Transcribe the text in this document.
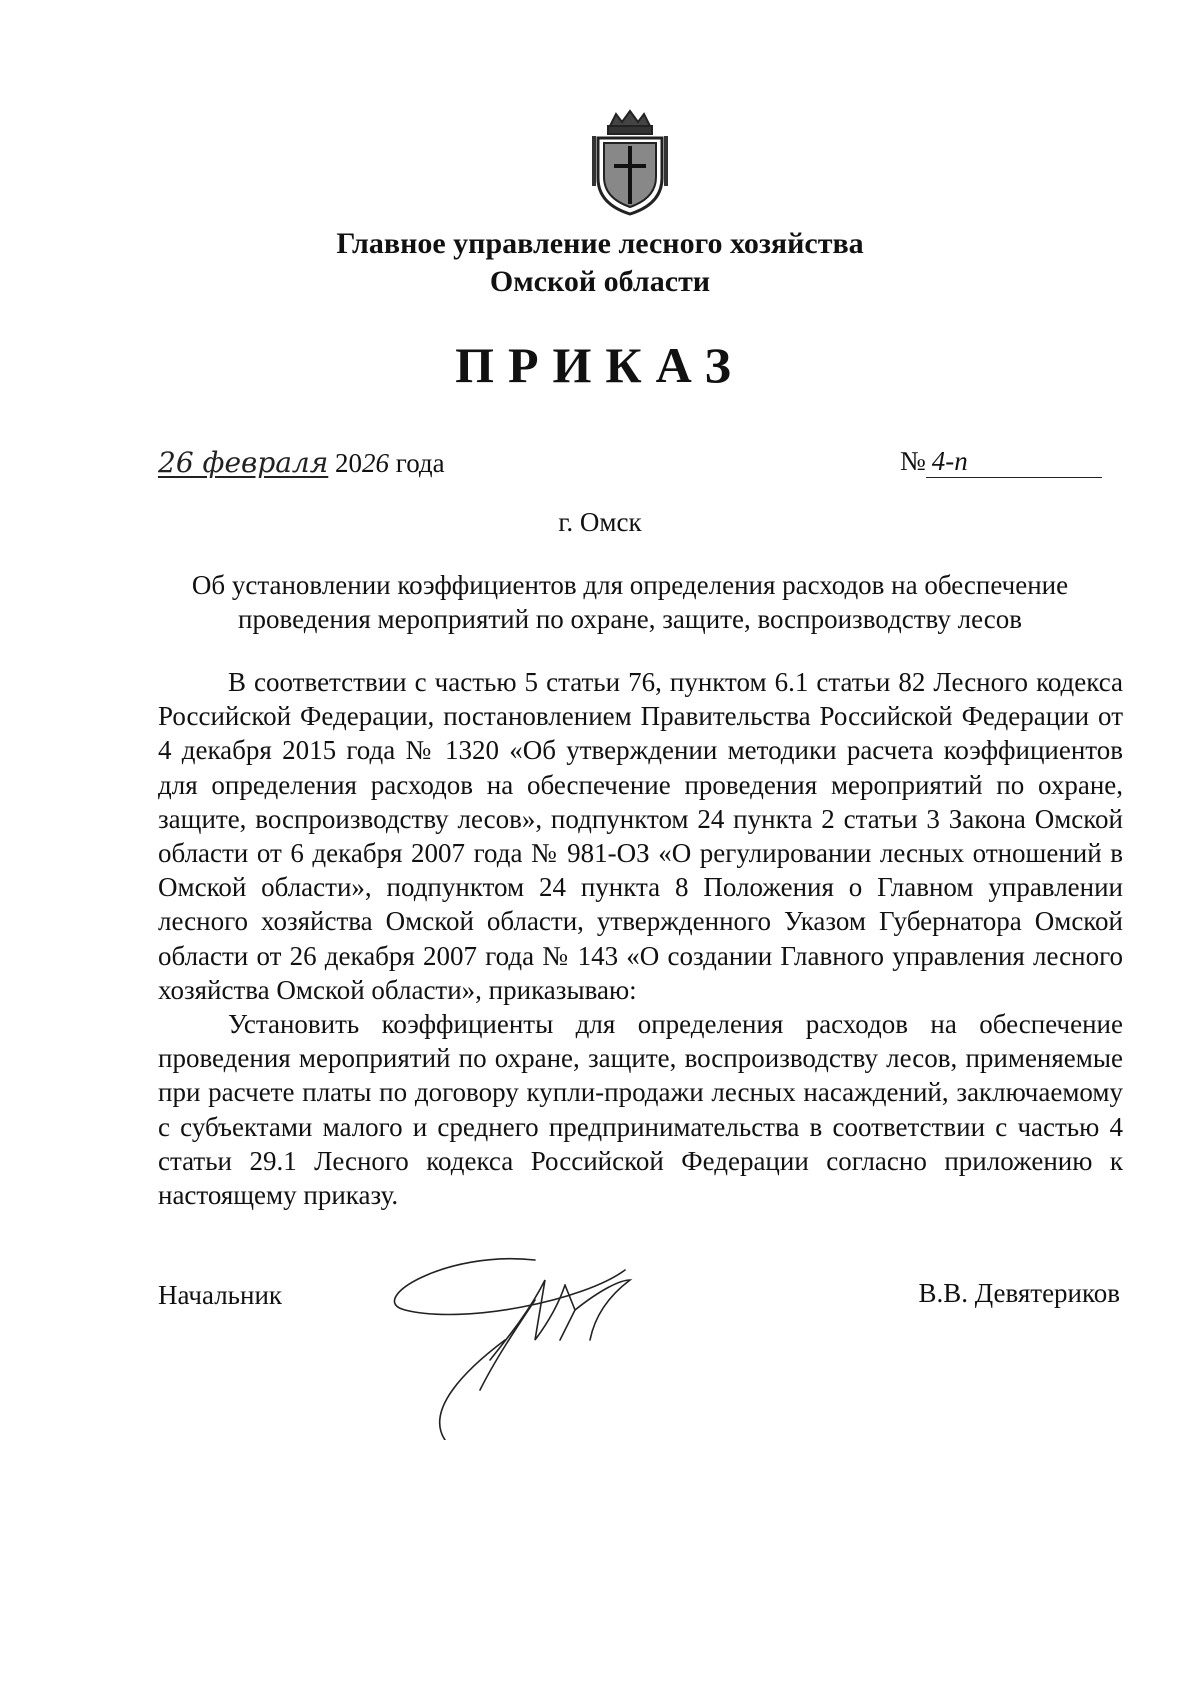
Главное управление лесного хозяйства
Омской области
ПРИКАЗ
26 февраля 2026 года	№ 4-п
г. Омск
Об установлении коэффициентов для определения расходов на обеспечение
проведения мероприятий по охране, защите, воспроизводству лесов

В соответствии с частью 5 статьи 76, пунктом 6.1 статьи 82 Лесного кодекса Российской Федерации, постановлением Правительства Российской Федерации от 4 декабря 2015 года № 1320 «Об утверждении методики расчета коэффициентов для определения расходов на обеспечение проведения мероприятий по охране, защите, воспроизводству лесов», подпунктом 24 пункта 2 статьи 3 Закона Омской области от 6 декабря 2007 года № 981-ОЗ «О регулировании лесных отношений в Омской области», подпунктом 24 пункта 8 Положения о Главном управлении лесного хозяйства Омской области, утвержденного Указом Губернатора Омской области от 26 декабря 2007 года № 143 «О создании Главного управления лесного хозяйства Омской области», приказываю:

Установить коэффициенты для определения расходов на обеспечение проведения мероприятий по охране, защите, воспроизводству лесов, применяемые при расчете платы по договору купли-продажи лесных насаждений, заключаемому с субъектами малого и среднего предпринимательства в соответствии с частью 4 статьи 29.1 Лесного кодекса Российской Федерации согласно приложению к настоящему приказу.

Начальник	В.В. Девятериков
